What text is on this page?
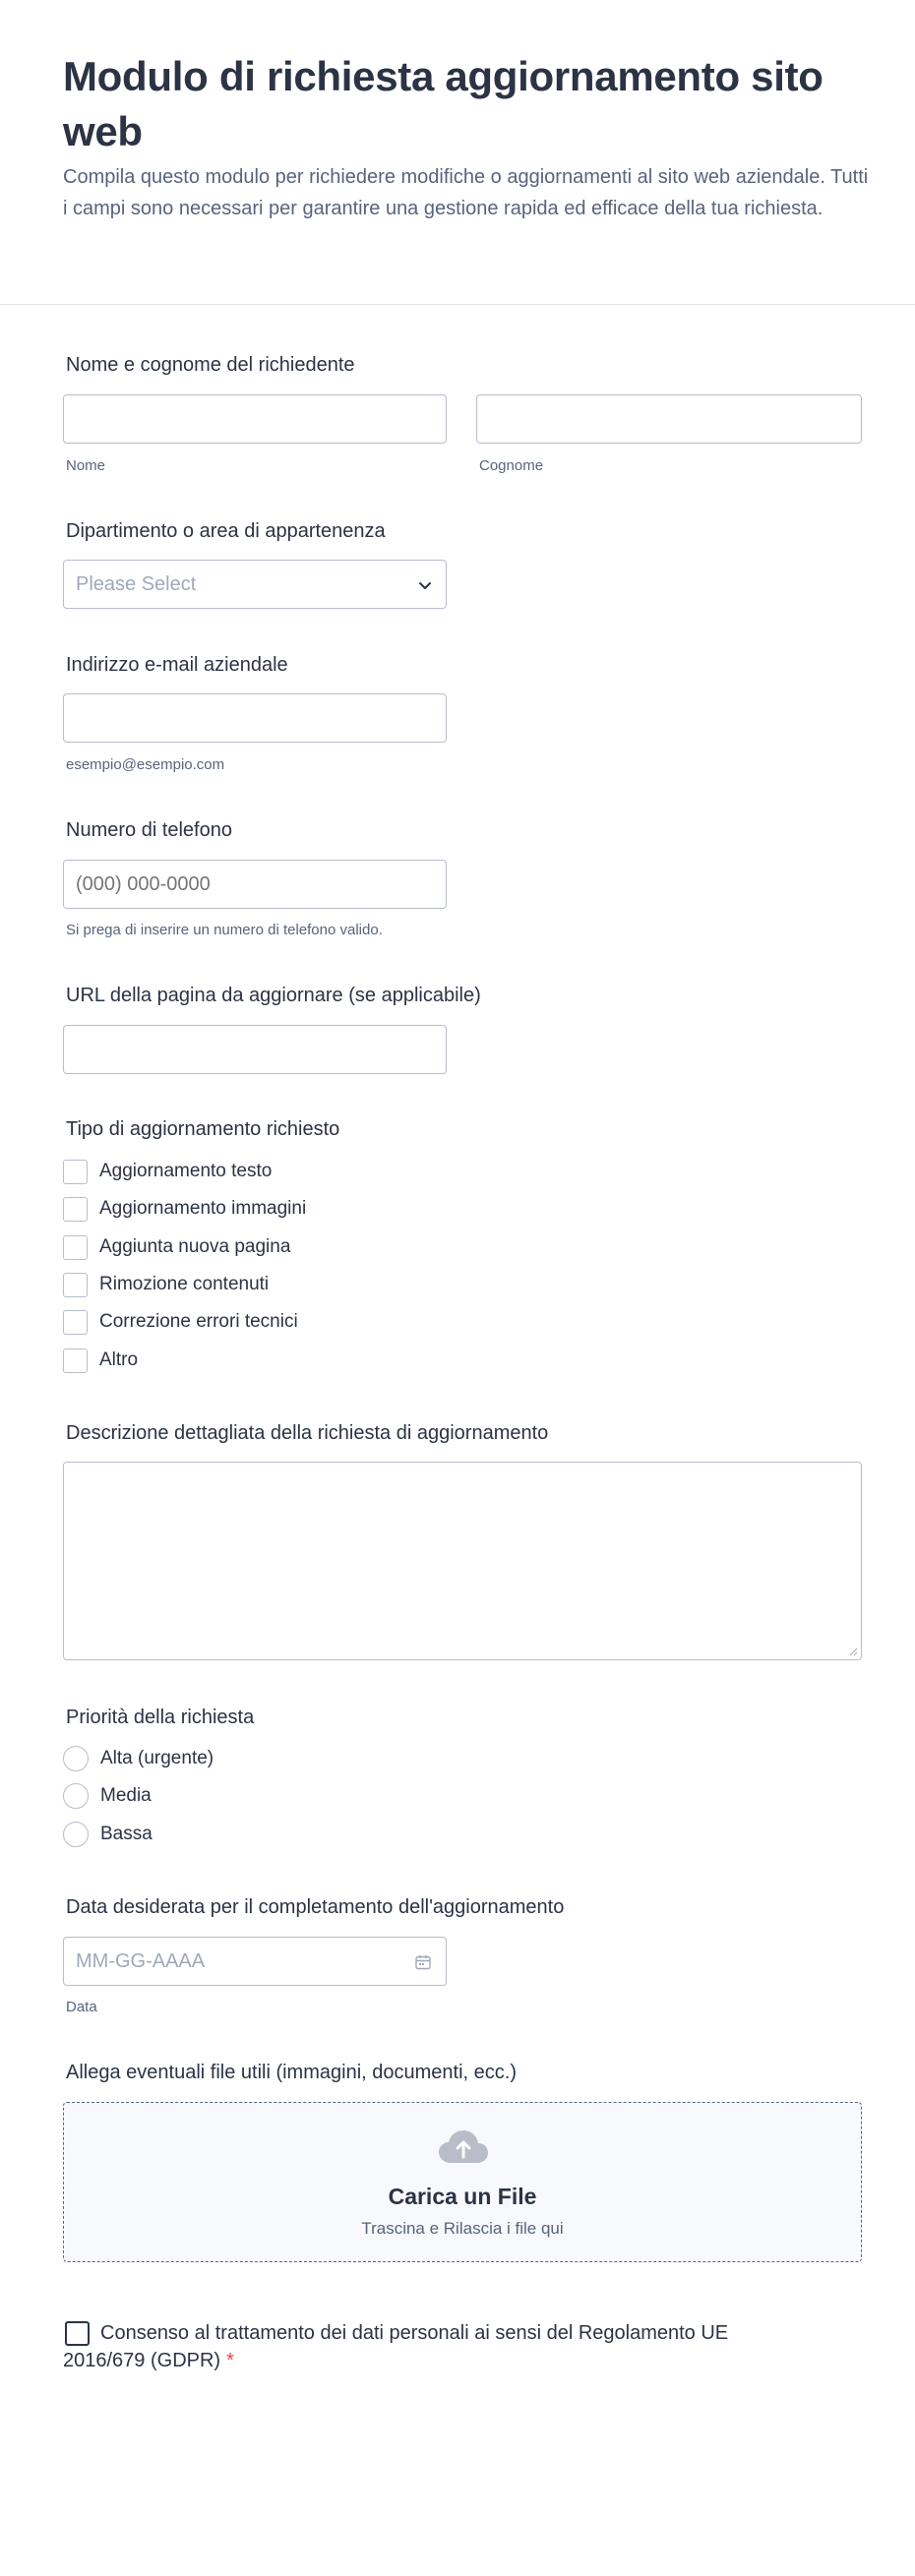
Modulo di richiesta aggiornamento sito web

Compila questo modulo per richiedere modifiche o aggiornamenti al sito web aziendale. Tutti i campi sono necessari per garantire una gestione rapida ed efficace della tua richiesta.

Nome e cognome del richiedente
Nome	Cognome
Dipartimento o area di appartenenza
Please Select
Indirizzo e-mail aziendale
esempio@esempio.com
Numero di telefono
(000) 000-0000
Si prega di inserire un numero di telefono valido.
URL della pagina da aggiornare (se applicabile)
Tipo di aggiornamento richiesto
Aggiornamento testo
Aggiornamento immagini
Aggiunta nuova pagina
Rimozione contenuti
Correzione errori tecnici
Altro
Descrizione dettagliata della richiesta di aggiornamento
Priorità della richiesta
Alta (urgente)
Media
Bassa
Data desiderata per il completamento dell'aggiornamento
MM-GG-AAAA
Data
Allega eventuali file utili (immagini, documenti, ecc.)
Carica un File
Trascina e Rilascia i file qui
Consenso al trattamento dei dati personali ai sensi del Regolamento UE 2016/679 (GDPR) *
